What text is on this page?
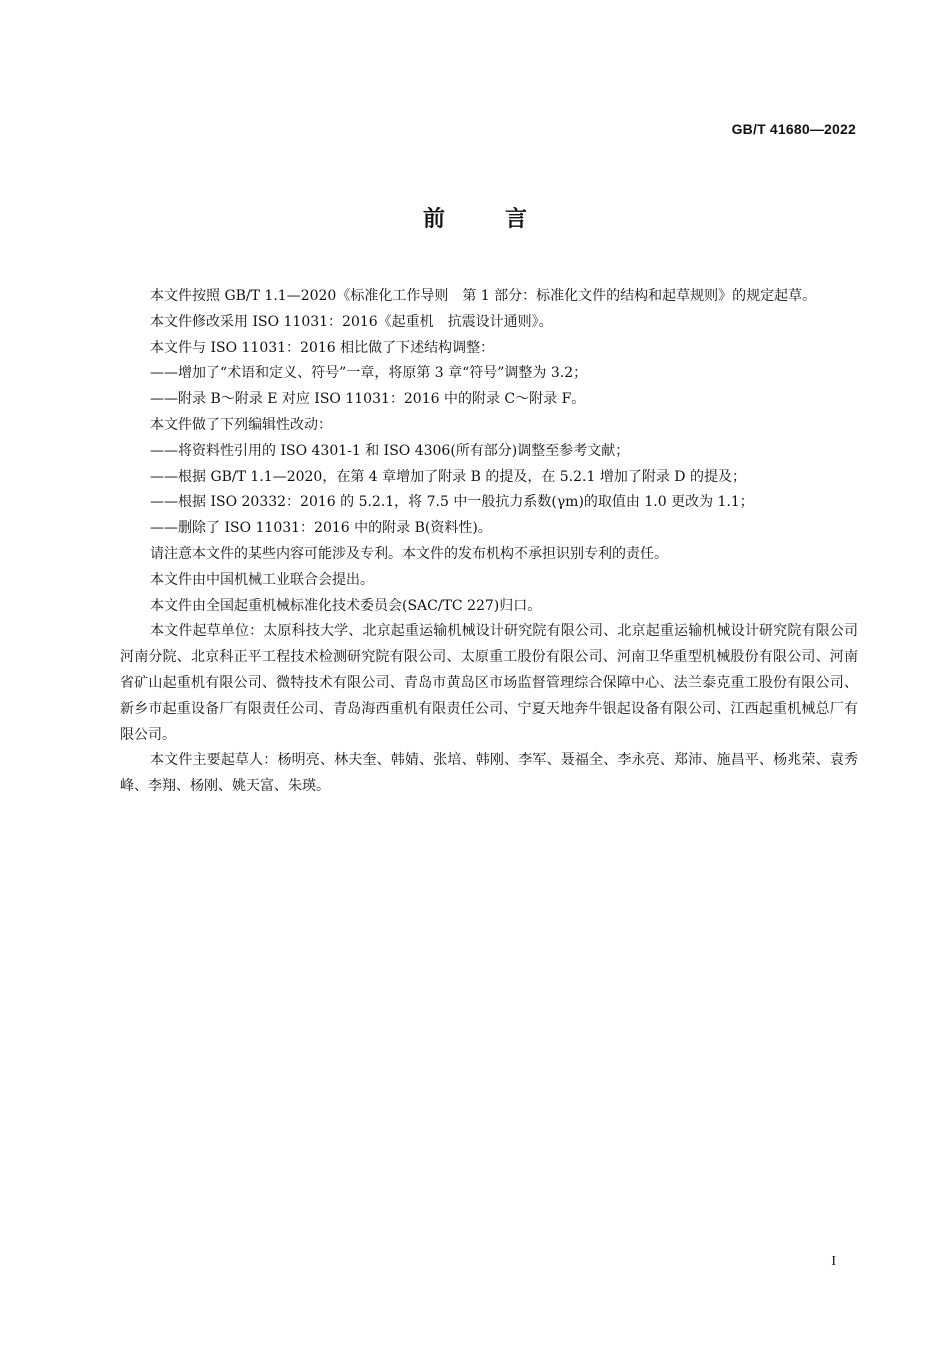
GB/T 41680—2022
前言

本文件按照 GB/T 1.1—2020《标准化工作导则　第 1 部分：标准化文件的结构和起草规则》的规定起草。

本文件修改采用 ISO 11031：2016《起重机　抗震设计通则》。

本文件与 ISO 11031：2016 相比做了下述结构调整：

——增加了“术语和定义、符号”一章，将原第 3 章“符号”调整为 3.2；

——附录 B～附录 E 对应 ISO 11031：2016 中的附录 C～附录 F。

本文件做了下列编辑性改动：

——将资料性引用的 ISO 4301-1 和 ISO 4306(所有部分)调整至参考文献；

——根据 GB/T 1.1—2020，在第 4 章增加了附录 B 的提及，在 5.2.1 增加了附录 D 的提及；

——根据 ISO 20332：2016 的 5.2.1，将 7.5 中一般抗力系数(γm)的取值由 1.0 更改为 1.1；

——删除了 ISO 11031：2016 中的附录 B(资料性)。

请注意本文件的某些内容可能涉及专利。本文件的发布机构不承担识别专利的责任。

本文件由中国机械工业联合会提出。

本文件由全国起重机械标准化技术委员会(SAC/TC 227)归口。

本文件起草单位：太原科技大学、北京起重运输机械设计研究院有限公司、北京起重运输机械设计研究院有限公司河南分院、北京科正平工程技术检测研究院有限公司、太原重工股份有限公司、河南卫华重型机械股份有限公司、河南省矿山起重机有限公司、微特技术有限公司、青岛市黄岛区市场监督管理综合保障中心、法兰泰克重工股份有限公司、新乡市起重设备厂有限责任公司、青岛海西重机有限责任公司、宁夏天地奔牛银起设备有限公司、江西起重机械总厂有限公司。

本文件主要起草人：杨明亮、林夫奎、韩婧、张培、韩刚、李军、聂福全、李永亮、郑沛、施昌平、杨兆荣、袁秀峰、李翔、杨刚、姚天富、朱瑛。

I
